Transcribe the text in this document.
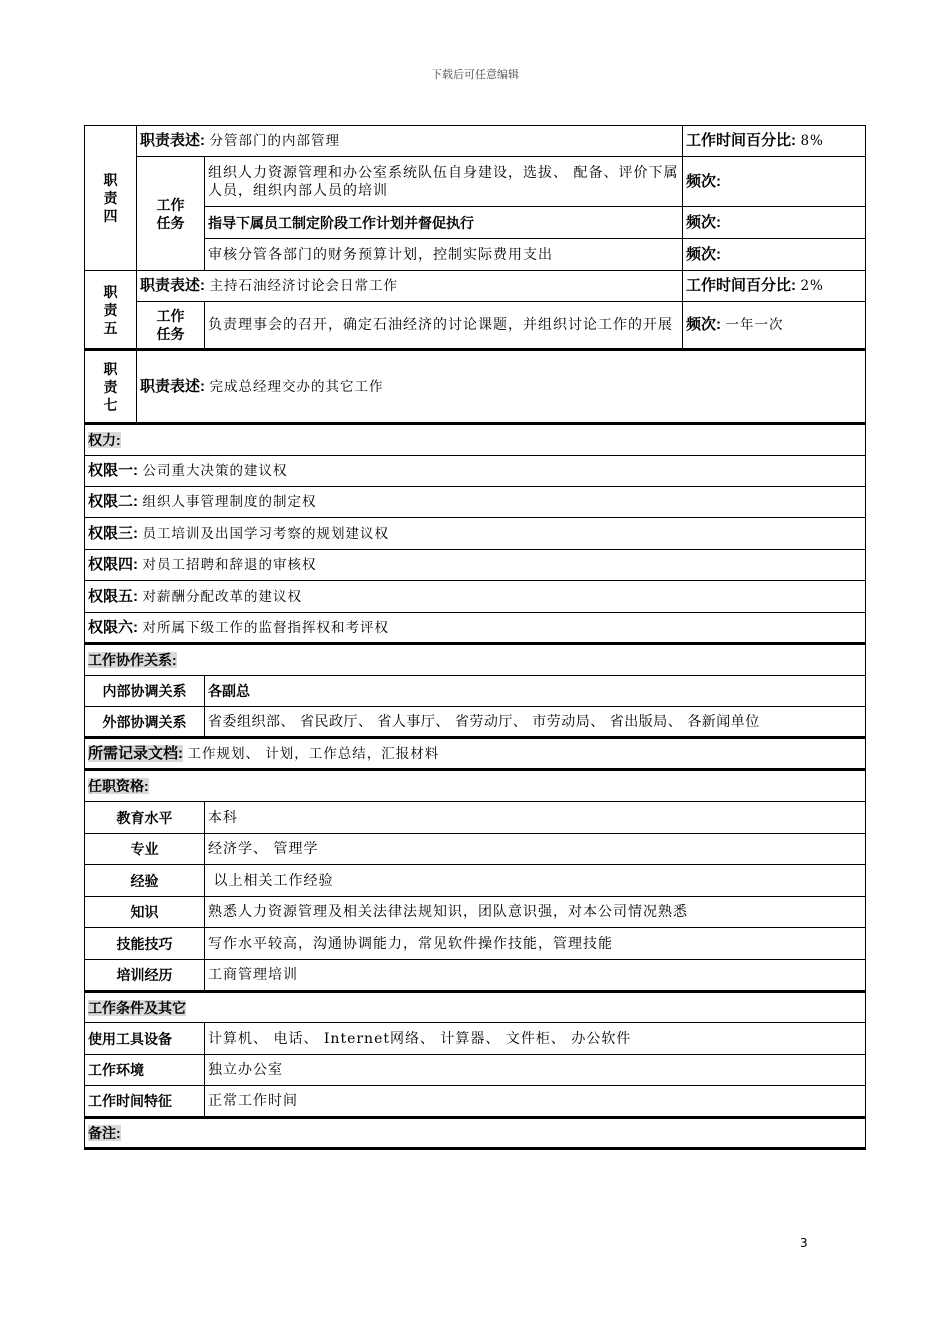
下载后可任意编辑
职
责
四	职责表述: 分管部门的内部管理		工作时间百分比: 8%
	工作
任务	组织人力资源管理和办公室系统队伍自身建设，选拔、 配备、评价下属人员，组织内部人员的培训	频次:
		指导下属员工制定阶段工作计划并督促执行	频次:
		审核分管各部门的财务预算计划，控制实际费用支出	频次:
职
责
五	职责表述: 主持石油经济讨论会日常工作		工作时间百分比: 2%
	工作
任务	负责理事会的召开，确定石油经济的讨论课题，并组织讨论工作的开展	频次: 一年一次
职
责
七	职责表述: 完成总经理交办的其它工作		
权力:			
权限一: 公司重大决策的建议权			
权限二: 组织人事管理制度的制定权			
权限三: 员工培训及出国学习考察的规划建议权			
权限四: 对员工招聘和辞退的审核权			
权限五: 对薪酬分配改革的建议权			
权限六: 对所属下级工作的监督指挥权和考评权			
工作协作关系:			
内部协调关系		各副总	
外部协调关系		省委组织部、 省民政厅、 省人事厅、 省劳动厅、 市劳动局、 省出版局、 各新闻单位	
所需记录文档: 工作规划、 计划，工作总结，汇报材料			
任职资格:			
教育水平		本科	
专业		经济学、 管理学	
经验		以上相关工作经验	
知识		熟悉人力资源管理及相关法律法规知识，团队意识强，对本公司情况熟悉	
技能技巧		写作水平较高，沟通协调能力，常见软件操作技能，管理技能	
培训经历		工商管理培训	
工作条件及其它			
使用工具设备		计算机、 电话、 Internet网络、 计算器、 文件柜、 办公软件	
工作环境		独立办公室	
工作时间特征		正常工作时间	
备注:			
3
